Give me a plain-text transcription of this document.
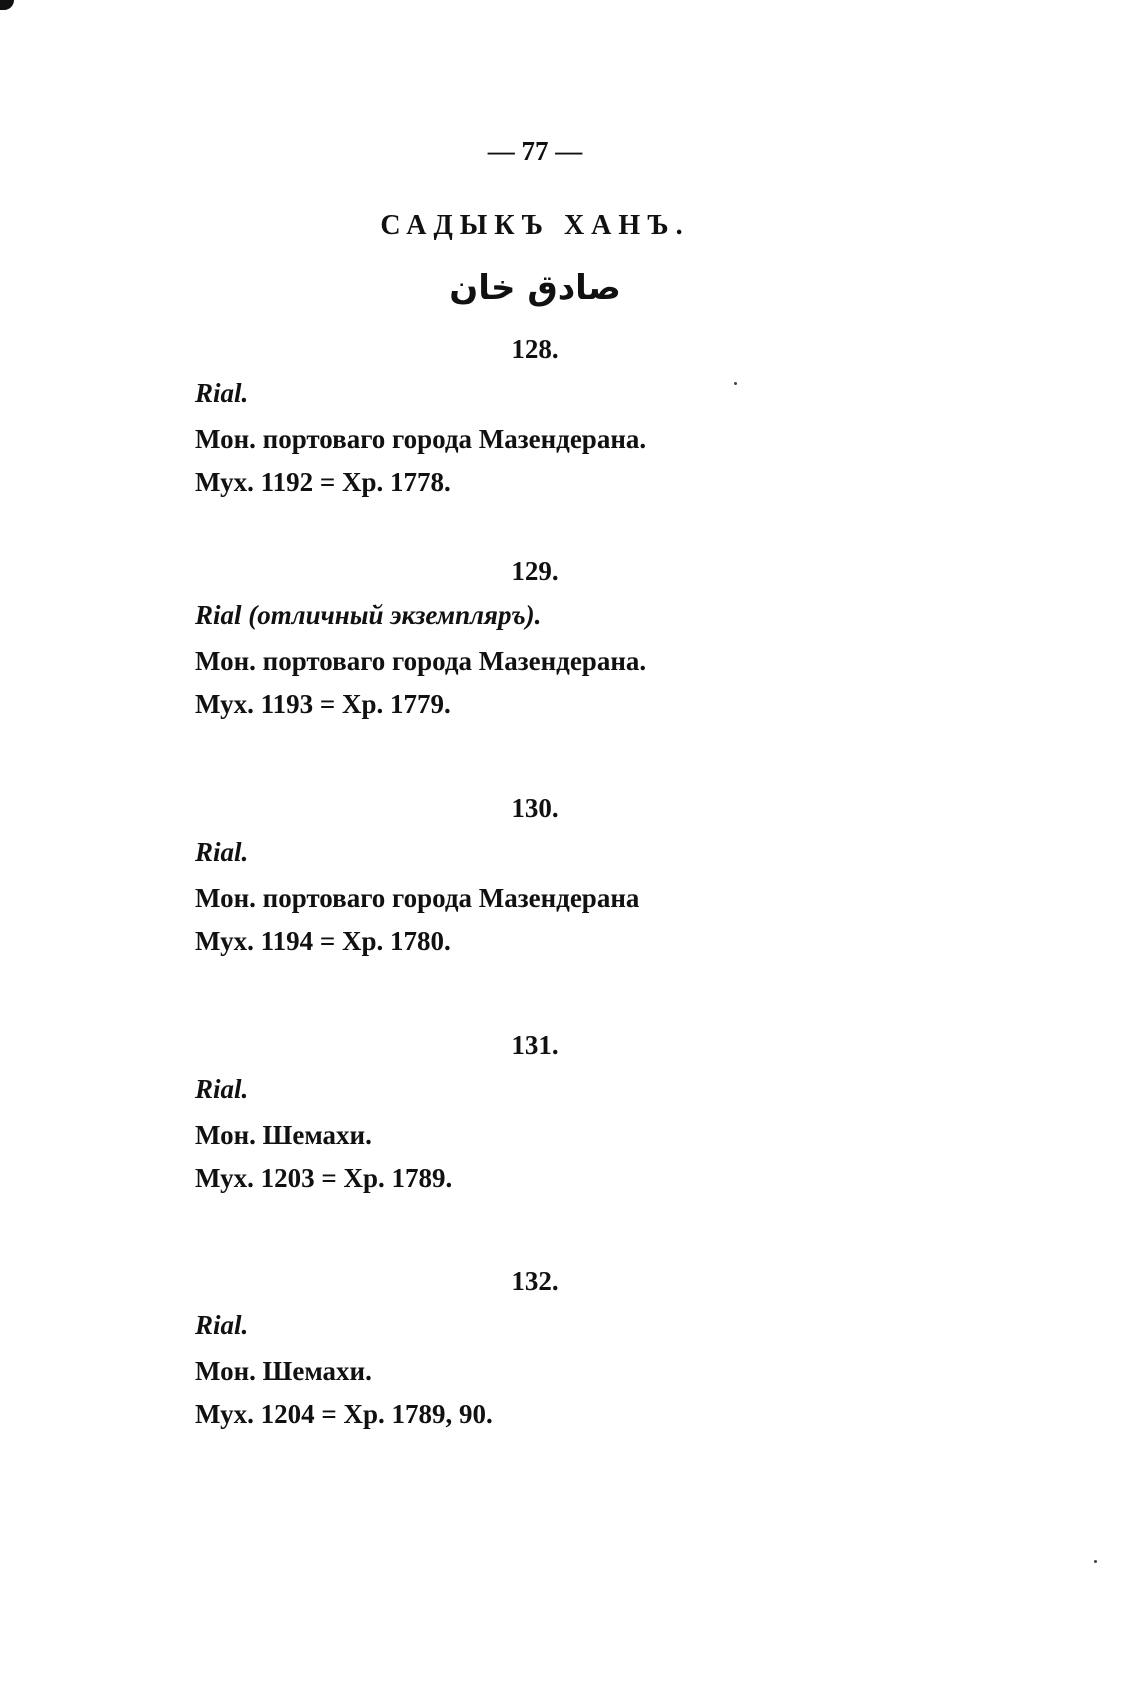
— 77 —
САДЫКЪ ХАНЪ.
صادق خان
128.
Rial.
Мон. портоваго города Мазендерана.
Мух. 1192 = Хр. 1778.
129.
Rial (отличный экземпляръ).
Мон. портоваго города Мазендерана.
Мух. 1193 = Хр. 1779.
130.
Rial.
Мон. портоваго города Мазендерана
Мух. 1194 = Хр. 1780.
131.
Rial.
Мон. Шемахи.
Мух. 1203 = Хр. 1789.
132.
Rial.
Мон. Шемахи.
Мух. 1204 = Хр. 1789, 90.
